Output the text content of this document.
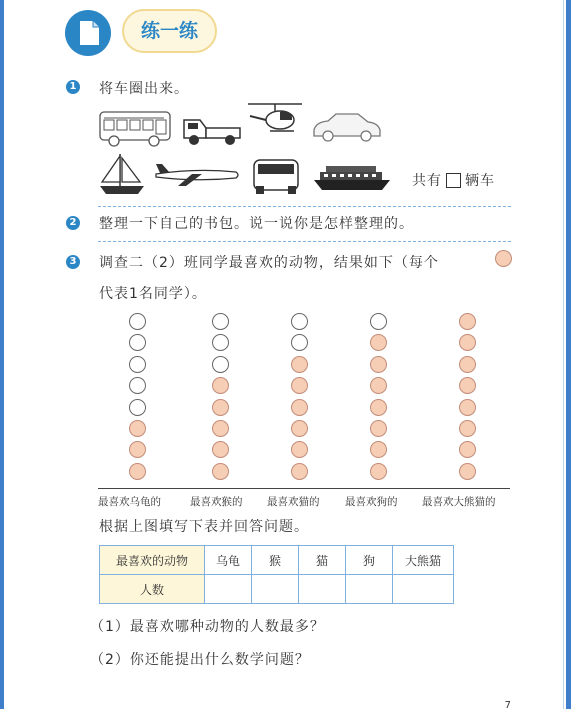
练一练
1 将车圈出来。
共有 辆车
2 整理一下自己的书包。说一说你是怎样整理的。
3 调查二（2）班同学最喜欢的动物，结果如下（每个
代表1名同学）。
最喜欢乌龟的	最喜欢猴的 最喜欢猫的 最喜欢狗的 最喜欢大熊猫的
根据上图填写下表并回答问题。
最喜欢的动物	乌龟	猴	猫	狗	大熊猫
人数					
（1）最喜欢哪种动物的人数最多？
（2）你还能提出什么数学问题？
7
